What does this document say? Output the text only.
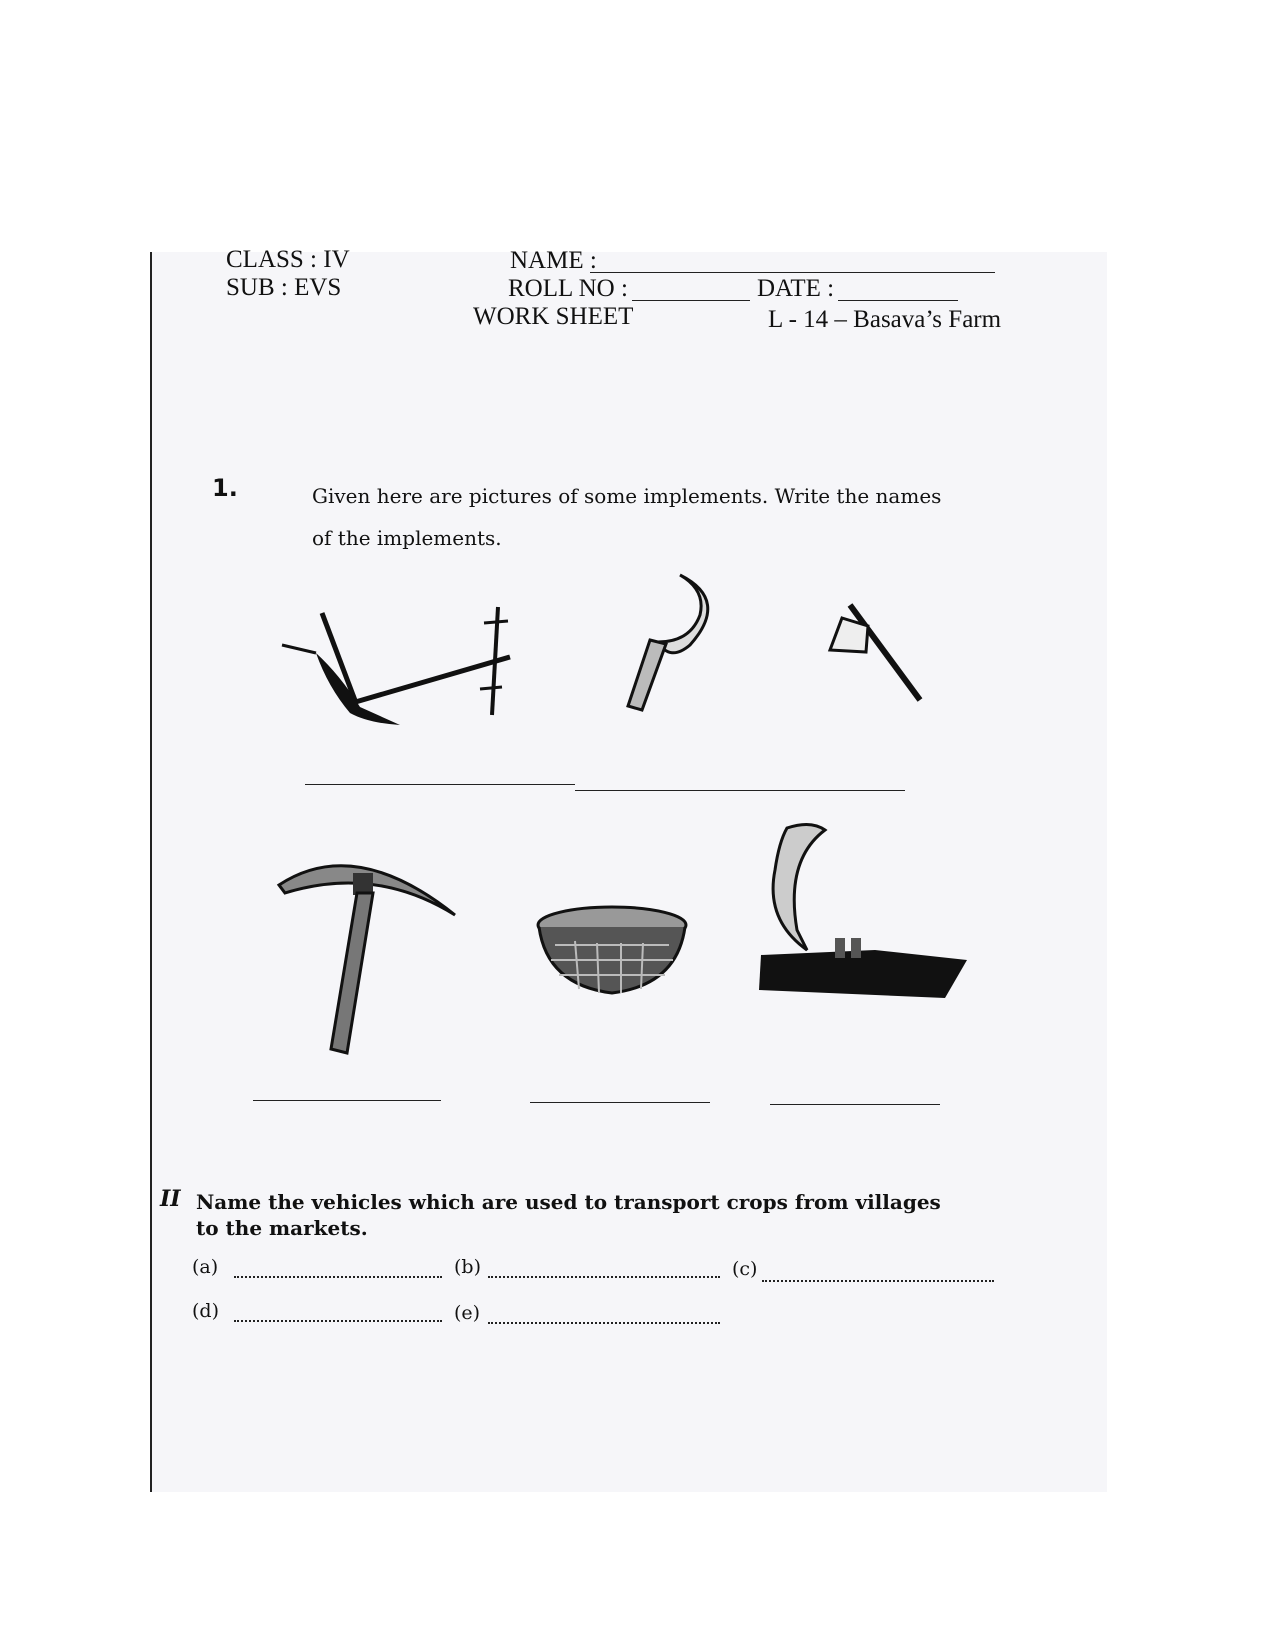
CLASS : IV
SUB : EVS
NAME :
ROLL NO :	DATE :
WORK SHEET	L - 14 – Basava’s Farm
1.	Given here are pictures of some implements. Write the names
of the implements.
II Name the vehicles which are used to transport crops from villages
to the markets.
(a)	(b)	(c)
(d)	(e)
